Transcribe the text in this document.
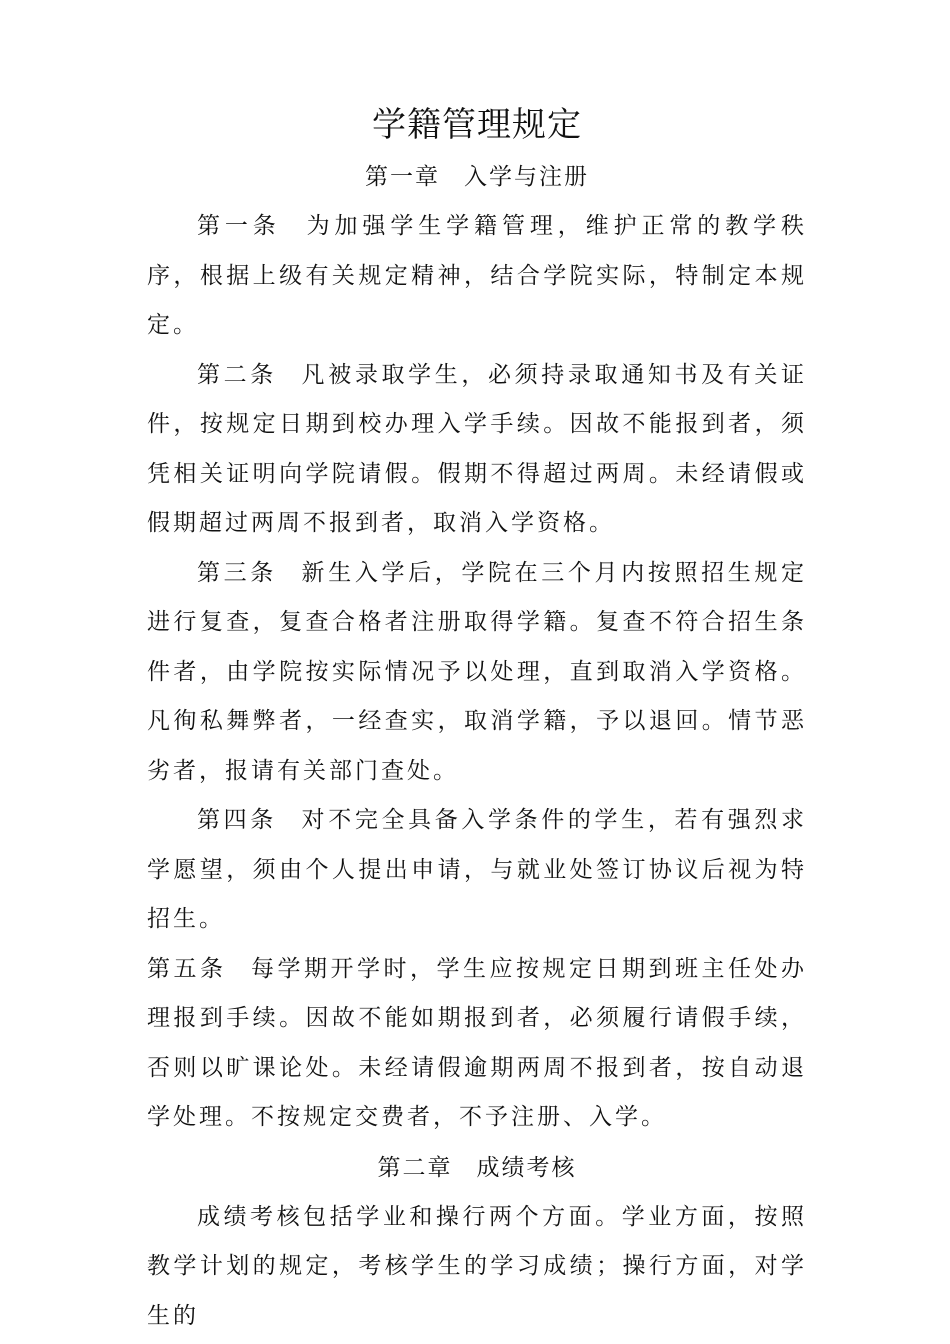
学籍管理规定
第一章 入学与注册

第一条 为加强学生学籍管理，维护正常的教学秩序，根据上级有关规定精神，结合学院实际，特制定本规定。

第二条 凡被录取学生，必须持录取通知书及有关证件，按规定日期到校办理入学手续。因故不能报到者，须凭相关证明向学院请假。假期不得超过两周。未经请假或假期超过两周不报到者，取消入学资格。

第三条 新生入学后，学院在三个月内按照招生规定进行复查，复查合格者注册取得学籍。复查不符合招生条件者，由学院按实际情况予以处理，直到取消入学资格。凡徇私舞弊者，一经查实，取消学籍，予以退回。情节恶劣者，报请有关部门查处。

第四条 对不完全具备入学条件的学生，若有强烈求学愿望，须由个人提出申请，与就业处签订协议后视为特招生。

第五条 每学期开学时，学生应按规定日期到班主任处办理报到手续。因故不能如期报到者，必须履行请假手续，否则以旷课论处。未经请假逾期两周不报到者，按自动退学处理。不按规定交费者，不予注册、入学。

第二章 成绩考核

成绩考核包括学业和操行两个方面。学业方面，按照教学计划的规定，考核学生的学习成绩；操行方面，对学生的
